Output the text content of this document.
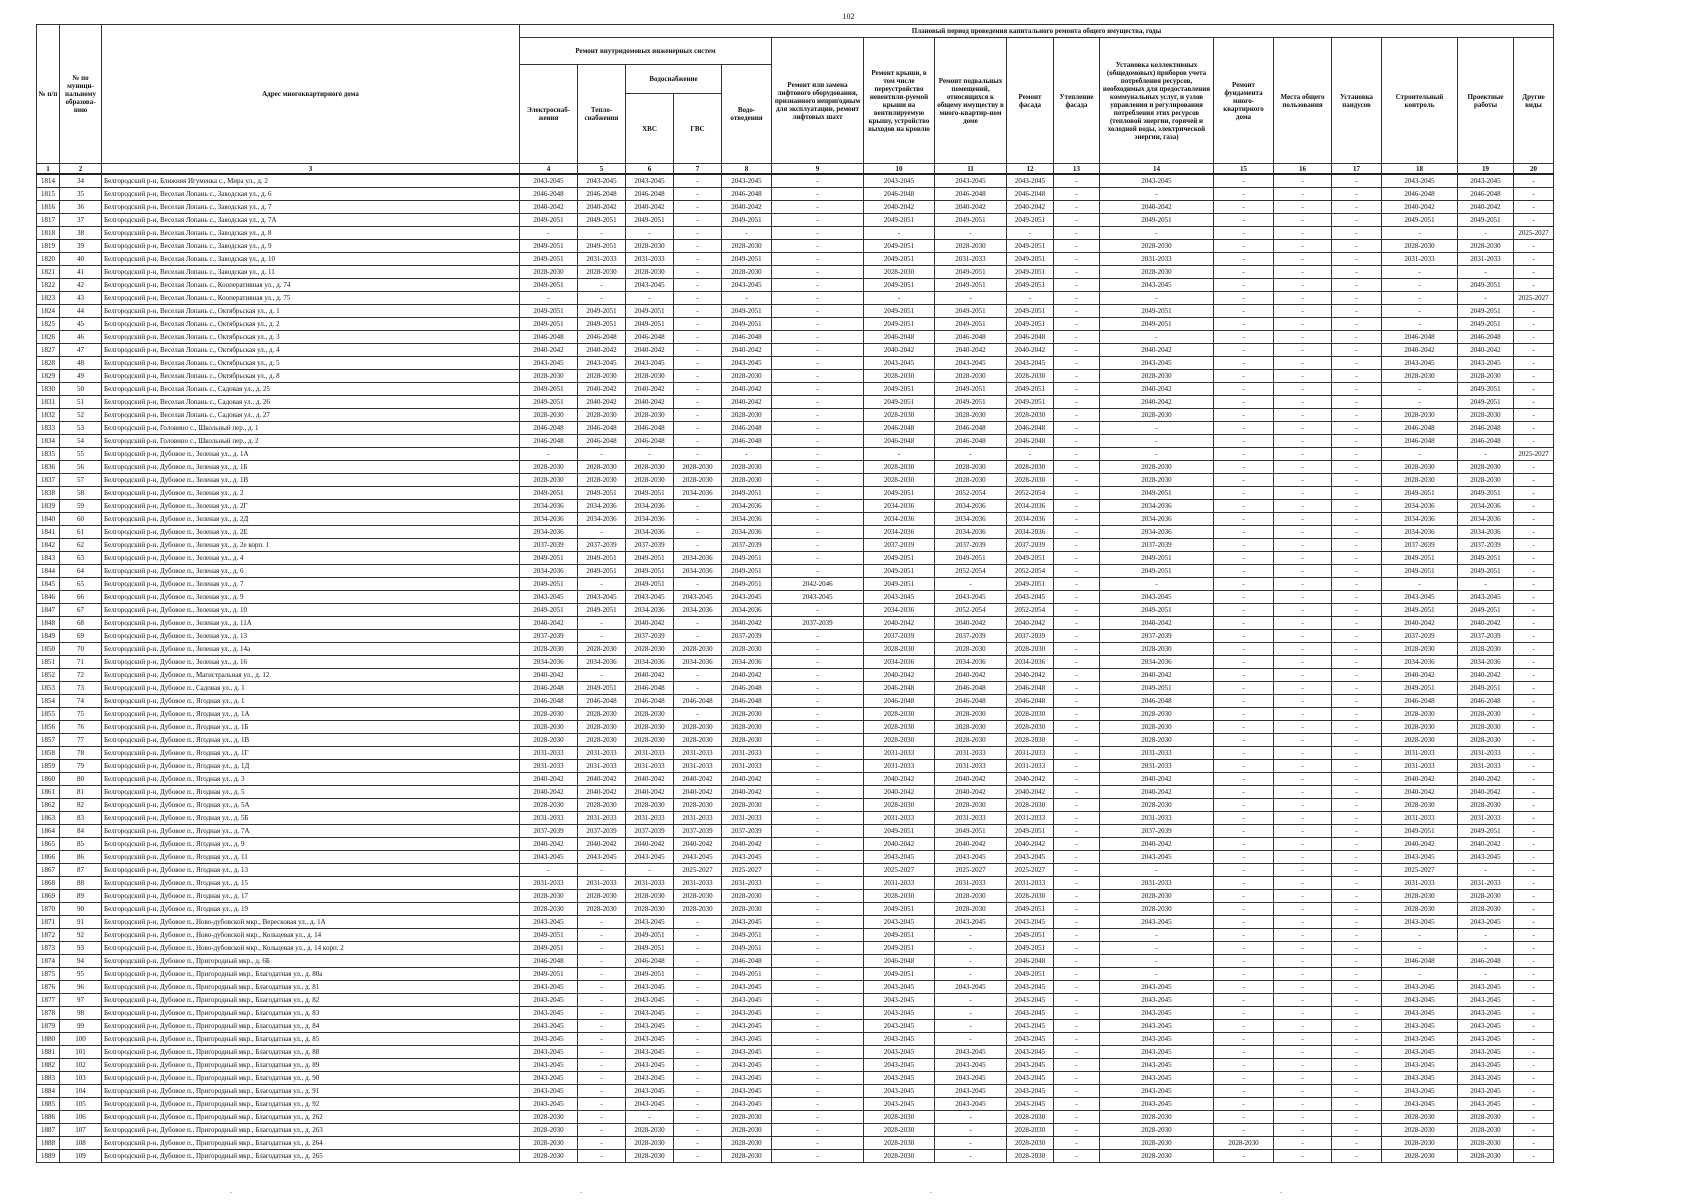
102
№ п/п	№ по муници-пальному образова-нию	Адрес многоквартирного дома	Плановый период проведения капитального ремонта общего имущества, годы																
			Ремонт внутридомовых инженерных систем					Ремонт или замена лифтового оборудования, признанного непригодным для эксплуатации, ремонт лифтовых шахт	Ремонт крыши, в том числе переустройство невентили-руемой крыши на вентилируемую крышу, устройство выходов на кровлю	Ремонт подвальных помещений, относящихся к общему имуществу в много-квартир-ном доме	Ремонт фасада	Утепление фасада	Установка коллективных (общедомовых) приборов учета потребления ресурсов, необходимых для предоставления коммунальных услуг, и узлов управления и регулирования потребления этих ресурсов (тепловой энергии, горячей и холодной воды, электрической энергии, газа)	Ремонт фундамента много-квартирного дома	Места общего пользования	Установка пандусов	Строительный контроль	Проектные работы	Другие виды
			Электроснаб-жения	Тепло-снабжения	Водоснабжение		Водо-отведения												
					ХВС	ГВС													
1	2	3	4	5	6	7	8	9	10	11	12	13	14	15	16	17	18	19	20
1814	34	Белгородский р-н, Ближняя Игуменка с., Мира ул., д. 2	2043-2045	2043-2045	2043-2045	-	2043-2045	-	2043-2045	2043-2045	2043-2045	-	2043-2045	-	-	-	2043-2045	2043-2045	-
1815	35	Белгородский р-н, Веселая Лопань с., Заводская ул., д. 6	2046-2048	2046-2048	2046-2048	-	2046-2048	-	2046-2048	2046-2048	2046-2048	-	-	-	-	-	2046-2048	2046-2048	-
1816	36	Белгородский р-н, Веселая Лопань с., Заводская ул., д. 7	2040-2042	2040-2042	2040-2042	-	2040-2042	-	2040-2042	2040-2042	2040-2042	-	2040-2042	-	-	-	2040-2042	2040-2042	-
1817	37	Белгородский р-н, Веселая Лопань с., Заводская ул., д. 7А	2049-2051	2049-2051	2049-2051	-	2049-2051	-	2049-2051	2049-2051	2049-2051	-	2049-2051	-	-	-	2049-2051	2049-2051	-
1818	38	Белгородский р-н, Веселая Лопань с., Заводская ул., д. 8	-	-	-	-	-	-	-	-	-	-	-	-	-	-	-	-	2025-2027
1819	39	Белгородский р-н, Веселая Лопань с., Заводская ул., д. 9	2049-2051	2049-2051	2028-2030	-	2028-2030	-	2049-2051	2028-2030	2049-2051	-	2028-2030	-	-	-	2028-2030	2028-2030	-
1820	40	Белгородский р-н, Веселая Лопань с., Заводская ул., д. 10	2049-2051	2031-2033	2031-2033	-	2049-2051	-	2049-2051	2031-2033	2049-2051	-	2031-2033	-	-	-	2031-2033	2031-2033	-
1821	41	Белгородский р-н, Веселая Лопань с., Заводская ул., д. 11	2028-2030	2028-2030	2028-2030	-	2028-2030	-	2028-2030	2049-2051	2049-2051	-	2028-2030	-	-	-	-	-	-
1822	42	Белгородский р-н, Веселая Лопань с., Кооперативная ул., д. 74	2049-2051	-	2043-2045	-	2043-2045	-	2049-2051	2049-2051	2049-2051	-	2043-2045	-	-	-	-	2049-2051	-
1823	43	Белгородский р-н, Веселая Лопань с., Кооперативная ул., д. 75	-	-	-	-	-	-	-	-	-	-	-	-	-	-	-	-	2025-2027
1824	44	Белгородский р-н, Веселая Лопань с., Октябрьская ул., д. 1	2049-2051	2049-2051	2049-2051	-	2049-2051	-	2049-2051	2049-2051	2049-2051	-	2049-2051	-	-	-	-	2049-2051	-
1825	45	Белгородский р-н, Веселая Лопань с., Октябрьская ул., д. 2	2049-2051	2049-2051	2049-2051	-	2049-2051	-	2049-2051	2049-2051	2049-2051	-	2049-2051	-	-	-	-	2049-2051	-
1826	46	Белгородский р-н, Веселая Лопань с., Октябрьская ул., д. 3	2046-2048	2046-2048	2046-2048	-	2046-2048	-	2046-2048	2046-2048	2046-2048	-	-	-	-	-	2046-2048	2046-2048	-
1827	47	Белгородский р-н, Веселая Лопань с., Октябрьская ул., д. 4	2040-2042	2040-2042	2040-2042	-	2040-2042	-	2040-2042	2040-2042	2040-2042	-	2040-2042	-	-	-	2040-2042	2040-2042	-
1828	48	Белгородский р-н, Веселая Лопань с., Октябрьская ул., д. 5	2043-2045	2043-2045	2043-2045	-	2043-2045	-	2043-2045	2043-2045	2043-2045	-	2043-2045	-	-	-	2043-2045	2043-2045	-
1829	49	Белгородский р-н, Веселая Лопань с., Октябрьская ул., д. 8	2028-2030	2028-2030	2028-2030	-	2028-2030	-	2028-2030	2028-2030	2028-2030	-	2028-2030	-	-	-	2028-2030	2028-2030	-
1830	50	Белгородский р-н, Веселая Лопань с., Садовая ул., д. 25	2049-2051	2040-2042	2040-2042	-	2040-2042	-	2049-2051	2049-2051	2049-2051	-	2040-2042	-	-	-	-	2049-2051	-
1831	51	Белгородский р-н, Веселая Лопань с., Садовая ул., д. 26	2049-2051	2040-2042	2040-2042	-	2040-2042	-	2049-2051	2049-2051	2049-2051	-	2040-2042	-	-	-	-	2049-2051	-
1832	52	Белгородский р-н, Веселая Лопань с., Садовая ул., д. 27	2028-2030	2028-2030	2028-2030	-	2028-2030	-	2028-2030	2028-2030	2028-2030	-	2028-2030	-	-	-	2028-2030	2028-2030	-
1833	53	Белгородский р-н, Головино с., Школьный пер., д. 1	2046-2048	2046-2048	2046-2048	-	2046-2048	-	2046-2048	2046-2048	2046-2048	-	-	-	-	-	2046-2048	2046-2048	-
1834	54	Белгородский р-н, Головино с., Школьный пер., д. 2	2046-2048	2046-2048	2046-2048	-	2046-2048	-	2046-2048	2046-2048	2046-2048	-	-	-	-	-	2046-2048	2046-2048	-
1835	55	Белгородский р-н, Дубовое п., Зеленая ул., д. 1А	-	-	-	-	-	-	-	-	-	-	-	-	-	-	-	-	2025-2027
1836	56	Белгородский р-н, Дубовое п., Зеленая ул., д. 1Б	2028-2030	2028-2030	2028-2030	2028-2030	2028-2030	-	2028-2030	2028-2030	2028-2030	-	2028-2030	-	-	-	2028-2030	2028-2030	-
1837	57	Белгородский р-н, Дубовое п., Зеленая ул., д. 1В	2028-2030	2028-2030	2028-2030	2028-2030	2028-2030	-	2028-2030	2028-2030	2028-2030	-	2028-2030	-	-	-	2028-2030	2028-2030	-
1838	58	Белгородский р-н, Дубовое п., Зеленая ул., д. 2	2049-2051	2049-2051	2049-2051	2034-2036	2049-2051	-	2049-2051	2052-2054	2052-2054	-	2049-2051	-	-	-	2049-2051	2049-2051	-
1839	59	Белгородский р-н, Дубовое п., Зеленая ул., д. 2Г	2034-2036	2034-2036	2034-2036	-	2034-2036	-	2034-2036	2034-2036	2034-2036	-	2034-2036	-	-	-	2034-2036	2034-2036	-
1840	60	Белгородский р-н, Дубовое п., Зеленая ул., д. 2Д	2034-2036	2034-2036	2034-2036	-	2034-2036	-	2034-2036	2034-2036	2034-2036	-	2034-2036	-	-	-	2034-2036	2034-2036	-
1841	61	Белгородский р-н, Дубовое п., Зеленая ул., д. 2Е	2034-2036	-	2034-2036	-	2034-2036	-	2034-2036	2034-2036	2034-2036	-	2034-2036	-	-	-	2034-2036	2034-2036	-
1842	62	Белгородский р-н, Дубовое п., Зеленая ул., д. 2е корп. 1	2037-2039	2037-2039	2037-2039	-	2037-2039	-	2037-2039	2037-2039	2037-2039	-	2037-2039	-	-	-	2037-2039	2037-2039	-
1843	63	Белгородский р-н, Дубовое п., Зеленая ул., д. 4	2049-2051	2049-2051	2049-2051	2034-2036	2049-2051	-	2049-2051	2049-2051	2049-2051	-	2049-2051	-	-	-	2049-2051	2049-2051	-
1844	64	Белгородский р-н, Дубовое п., Зеленая ул., д. 6	2034-2036	2049-2051	2049-2051	2034-2036	2049-2051	-	2049-2051	2052-2054	2052-2054	-	2049-2051	-	-	-	2049-2051	2049-2051	-
1845	65	Белгородский р-н, Дубовое п., Зеленая ул., д. 7	2049-2051	-	2049-2051	-	2049-2051	2042-2046	2049-2051	-	2049-2051	-	-	-	-	-	-	-	-
1846	66	Белгородский р-н, Дубовое п., Зеленая ул., д. 9	2043-2045	2043-2045	2043-2045	2043-2045	2043-2045	2043-2045	2043-2045	2043-2045	2043-2045	-	2043-2045	-	-	-	2043-2045	2043-2045	-
1847	67	Белгородский р-н, Дубовое п., Зеленая ул., д. 10	2049-2051	2049-2051	2034-2036	2034-2036	2034-2036	-	2034-2036	2052-2054	2052-2054	-	2049-2051	-	-	-	2049-2051	2049-2051	-
1848	68	Белгородский р-н, Дубовое п., Зеленая ул., д. 11А	2040-2042	-	2040-2042	-	2040-2042	2037-2039	2040-2042	2040-2042	2040-2042	-	2040-2042	-	-	-	2040-2042	2040-2042	-
1849	69	Белгородский р-н, Дубовое п., Зеленая ул., д. 13	2037-2039	-	2037-2039	-	2037-2039	-	2037-2039	2037-2039	2037-2039	-	2037-2039	-	-	-	2037-2039	2037-2039	-
1850	70	Белгородский р-н, Дубовое п., Зеленая ул., д. 14а	2028-2030	2028-2030	2028-2030	2028-2030	2028-2030	-	2028-2030	2028-2030	2028-2030	-	2028-2030	-	-	-	2028-2030	2028-2030	-
1851	71	Белгородский р-н, Дубовое п., Зеленая ул., д. 16	2034-2036	2034-2036	2034-2036	2034-2036	2034-2036	-	2034-2036	2034-2036	2034-2036	-	2034-2036	-	-	-	2034-2036	2034-2036	-
1852	72	Белгородский р-н, Дубовое п., Магистральная ул., д. 12	2040-2042	-	2040-2042	-	2040-2042	-	2040-2042	2040-2042	2040-2042	-	2040-2042	-	-	-	2040-2042	2040-2042	-
1853	73	Белгородский р-н, Дубовое п., Садовая ул., д. 1	2046-2048	2049-2051	2046-2048	-	2046-2048	-	2046-2048	2046-2048	2046-2048	-	2049-2051	-	-	-	2049-2051	2049-2051	-
1854	74	Белгородский р-н, Дубовое п., Ягодная ул., д. 1	2046-2048	2046-2048	2046-2048	2046-2048	2046-2048	-	2046-2048	2046-2048	2046-2048	-	2046-2048	-	-	-	2046-2048	2046-2048	-
1855	75	Белгородский р-н, Дубовое п., Ягодная ул., д. 1А	2028-2030	2028-2030	2028-2030	-	2028-2030	-	2028-2030	2028-2030	2028-2030	-	2028-2030	-	-	-	2028-2030	2028-2030	-
1856	76	Белгородский р-н, Дубовое п., Ягодная ул., д. 1Б	2028-2030	2028-2030	2028-2030	2028-2030	2028-2030	-	2028-2030	2028-2030	2028-2030	-	2028-2030	-	-	-	2028-2030	2028-2030	-
1857	77	Белгородский р-н, Дубовое п., Ягодная ул., д. 1В	2028-2030	2028-2030	2028-2030	2028-2030	2028-2030	-	2028-2030	2028-2030	2028-2030	-	2028-2030	-	-	-	2028-2030	2028-2030	-
1858	78	Белгородский р-н, Дубовое п., Ягодная ул., д. 1Г	2031-2033	2031-2033	2031-2033	2031-2033	2031-2033	-	2031-2033	2031-2033	2031-2033	-	2031-2033	-	-	-	2031-2033	2031-2033	-
1859	79	Белгородский р-н, Дубовое п., Ягодная ул., д. 1Д	2031-2033	2031-2033	2031-2033	2031-2033	2031-2033	-	2031-2033	2031-2033	2031-2033	-	2031-2033	-	-	-	2031-2033	2031-2033	-
1860	80	Белгородский р-н, Дубовое п., Ягодная ул., д. 3	2040-2042	2040-2042	2040-2042	2040-2042	2040-2042	-	2040-2042	2040-2042	2040-2042	-	2040-2042	-	-	-	2040-2042	2040-2042	-
1861	81	Белгородский р-н, Дубовое п., Ягодная ул., д. 5	2040-2042	2040-2042	2040-2042	2040-2042	2040-2042	-	2040-2042	2040-2042	2040-2042	-	2040-2042	-	-	-	2040-2042	2040-2042	-
1862	82	Белгородский р-н, Дубовое п., Ягодная ул., д. 5А	2028-2030	2028-2030	2028-2030	2028-2030	2028-2030	-	2028-2030	2028-2030	2028-2030	-	2028-2030	-	-	-	2028-2030	2028-2030	-
1863	83	Белгородский р-н, Дубовое п., Ягодная ул., д. 5Б	2031-2033	2031-2033	2031-2033	2031-2033	2031-2033	-	2031-2033	2031-2033	2031-2033	-	2031-2033	-	-	-	2031-2033	2031-2033	-
1864	84	Белгородский р-н, Дубовое п., Ягодная ул., д. 7А	2037-2039	2037-2039	2037-2039	2037-2039	2037-2039	-	2049-2051	2049-2051	2049-2051	-	2037-2039	-	-	-	2049-2051	2049-2051	-
1865	85	Белгородский р-н, Дубовое п., Ягодная ул., д. 9	2040-2042	2040-2042	2040-2042	2040-2042	2040-2042	-	2040-2042	2040-2042	2040-2042	-	2040-2042	-	-	-	2040-2042	2040-2042	-
1866	86	Белгородский р-н, Дубовое п., Ягодная ул., д. 11	2043-2045	2043-2045	2043-2045	2043-2045	2043-2045	-	2043-2045	2043-2045	2043-2045	-	2043-2045	-	-	-	2043-2045	2043-2045	-
1867	87	Белгородский р-н, Дубовое п., Ягодная ул., д. 13	-	-	-	2025-2027	2025-2027	-	2025-2027	2025-2027	2025-2027	-	-	-	-	-	2025-2027	-	-
1868	88	Белгородский р-н, Дубовое п., Ягодная ул., д. 15	2031-2033	2031-2033	2031-2033	2031-2033	2031-2033	-	2031-2033	2031-2033	2031-2033	-	2031-2033	-	-	-	2031-2033	2031-2033	-
1869	89	Белгородский р-н, Дубовое п., Ягодная ул., д. 17	2028-2030	2028-2030	2028-2030	2028-2030	2028-2030	-	2028-2030	2028-2030	2028-2030	-	2028-2030	-	-	-	2028-2030	2028-2030	-
1870	90	Белгородский р-н, Дубовое п., Ягодная ул., д. 19	2028-2030	2028-2030	2028-2030	2028-2030	2028-2030	-	2049-2051	2028-2030	2049-2051	-	2028-2030	-	-	-	2028-2030	2028-2030	-
1871	91	Белгородский р-н, Дубовое п., Ново-дубовской мкр., Вересковая ул., д. 1А	2043-2045	-	2043-2045	-	2043-2045	-	2043-2045	2043-2045	2043-2045	-	2043-2045	-	-	-	2043-2045	2043-2045	-
1872	92	Белгородский р-н, Дубовое п., Ново-дубовской мкр., Кольцевая ул., д. 14	2049-2051	-	2049-2051	-	2049-2051	-	2049-2051	-	2049-2051	-	-	-	-	-	-	-	-
1873	93	Белгородский р-н, Дубовое п., Ново-дубовской мкр., Кольцевая ул., д. 14 корп. 2	2049-2051	-	2049-2051	-	2049-2051	-	2049-2051	-	2049-2051	-	-	-	-	-	-	-	-
1874	94	Белгородский р-н, Дубовое п., Пригородный мкр., д. 6Б	2046-2048	-	2046-2048	-	2046-2048	-	2046-2048	-	2046-2048	-	-	-	-	-	2046-2048	2046-2048	-
1875	95	Белгородский р-н, Дубовое п., Пригородный мкр., Благодатная ул., д. 80а	2049-2051	-	2049-2051	-	2049-2051	-	2049-2051	-	2049-2051	-	-	-	-	-	-	-	-
1876	96	Белгородский р-н, Дубовое п., Пригородный мкр., Благодатная ул., д. 81	2043-2045	-	2043-2045	-	2043-2045	-	2043-2045	2043-2045	2043-2045	-	2043-2045	-	-	-	2043-2045	2043-2045	-
1877	97	Белгородский р-н, Дубовое п., Пригородный мкр., Благодатная ул., д. 82	2043-2045	-	2043-2045	-	2043-2045	-	2043-2045	-	2043-2045	-	2043-2045	-	-	-	2043-2045	2043-2045	-
1878	98	Белгородский р-н, Дубовое п., Пригородный мкр., Благодатная ул., д. 83	2043-2045	-	2043-2045	-	2043-2045	-	2043-2045	-	2043-2045	-	2043-2045	-	-	-	2043-2045	2043-2045	-
1879	99	Белгородский р-н, Дубовое п., Пригородный мкр., Благодатная ул., д. 84	2043-2045	-	2043-2045	-	2043-2045	-	2043-2045	-	2043-2045	-	2043-2045	-	-	-	2043-2045	2043-2045	-
1880	100	Белгородский р-н, Дубовое п., Пригородный мкр., Благодатная ул., д. 85	2043-2045	-	2043-2045	-	2043-2045	-	2043-2045	-	2043-2045	-	2043-2045	-	-	-	2043-2045	2043-2045	-
1881	101	Белгородский р-н, Дубовое п., Пригородный мкр., Благодатная ул., д. 88	2043-2045	-	2043-2045	-	2043-2045	-	2043-2045	2043-2045	2043-2045	-	2043-2045	-	-	-	2043-2045	2043-2045	-
1882	102	Белгородский р-н, Дубовое п., Пригородный мкр., Благодатная ул., д. 89	2043-2045	-	2043-2045	-	2043-2045	-	2043-2045	2043-2045	2043-2045	-	2043-2045	-	-	-	2043-2045	2043-2045	-
1883	103	Белгородский р-н, Дубовое п., Пригородный мкр., Благодатная ул., д. 90	2043-2045	-	2043-2045	-	2043-2045	-	2043-2045	2043-2045	2043-2045	-	2043-2045	-	-	-	2043-2045	2043-2045	-
1884	104	Белгородский р-н, Дубовое п., Пригородный мкр., Благодатная ул., д. 91	2043-2045	-	2043-2045	-	2043-2045	-	2043-2045	2043-2045	2043-2045	-	2043-2045	-	-	-	2043-2045	2043-2045	-
1885	105	Белгородский р-н, Дубовое п., Пригородный мкр., Благодатная ул., д. 92	2043-2045	-	2043-2045	-	2043-2045	-	2043-2045	2043-2045	2043-2045	-	2043-2045	-	-	-	2043-2045	2043-2045	-
1886	106	Белгородский р-н, Дубовое п., Пригородный мкр., Благодатная ул., д. 262	2028-2030	-	-	-	2028-2030	-	2028-2030	-	2028-2030	-	2028-2030	-	-	-	2028-2030	2028-2030	-
1887	107	Белгородский р-н, Дубовое п., Пригородный мкр., Благодатная ул., д. 263	2028-2030	-	2028-2030	-	2028-2030	-	2028-2030	-	2028-2030	-	2028-2030	-	-	-	2028-2030	2028-2030	-
1888	108	Белгородский р-н, Дубовое п., Пригородный мкр., Благодатная ул., д. 264	2028-2030	-	2028-2030	-	2028-2030	-	2028-2030	-	2028-2030	-	2028-2030	2028-2030	-	-	2028-2030	2028-2030	-
1889	109	Белгородский р-н, Дубовое п., Пригородный мкр., Благодатная ул., д. 265	2028-2030	-	2028-2030	-	2028-2030	-	2028-2030	-	2028-2030	-	2028-2030	-	-	-	2028-2030	2028-2030	-
.	.	.	.
